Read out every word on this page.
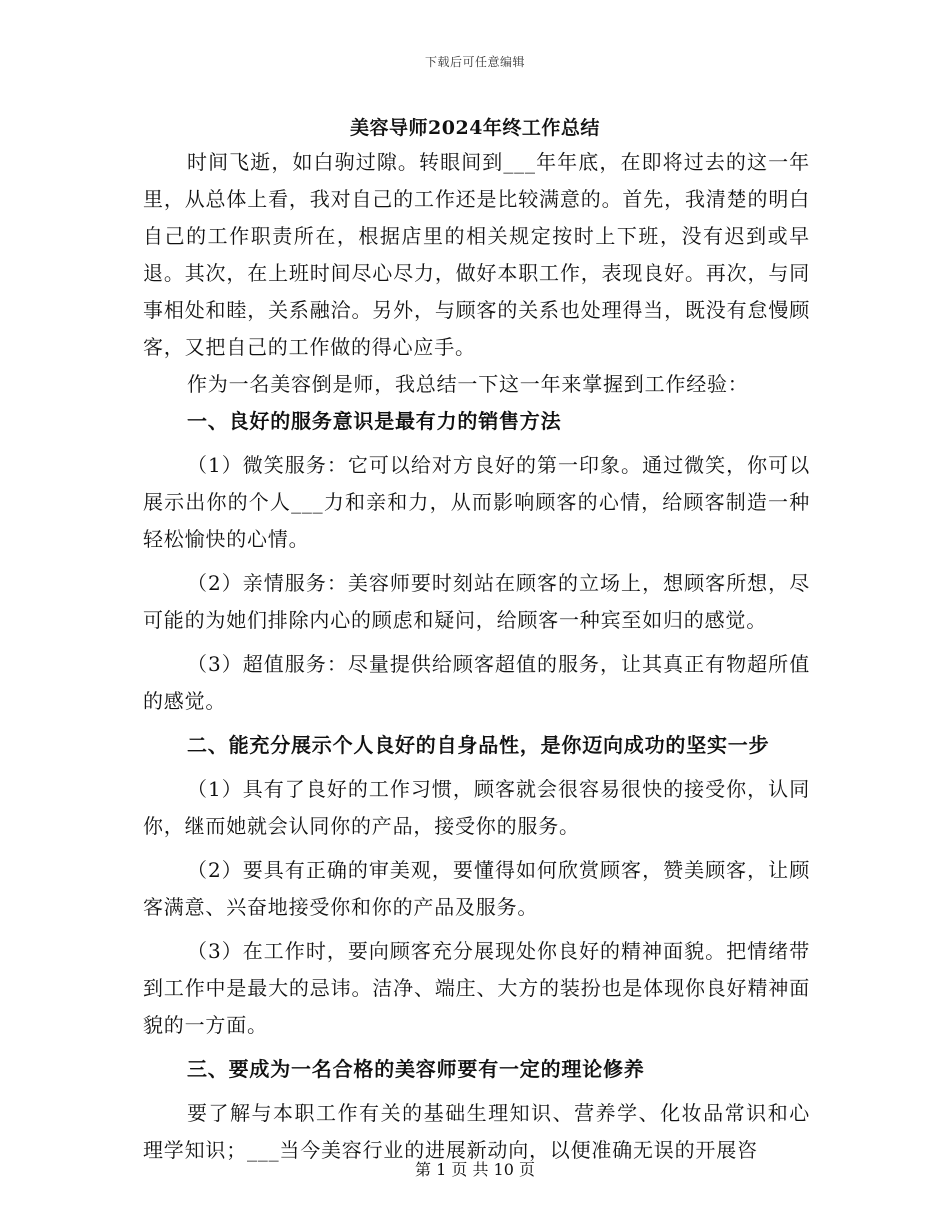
下载后可任意编辑
美容导师2024年终工作总结

时间飞逝，如白驹过隙。转眼间到___年年底，在即将过去的这一年里，从总体上看，我对自己的工作还是比较满意的。首先，我清楚的明白自己的工作职责所在，根据店里的相关规定按时上下班，没有迟到或早退。其次，在上班时间尽心尽力，做好本职工作，表现良好。再次，与同事相处和睦，关系融洽。另外，与顾客的关系也处理得当，既没有怠慢顾客，又把自己的工作做的得心应手。

作为一名美容倒是师，我总结一下这一年来掌握到工作经验：

一、良好的服务意识是最有力的销售方法

（1）微笑服务：它可以给对方良好的第一印象。通过微笑，你可以展示出你的个人___力和亲和力，从而影响顾客的心情，给顾客制造一种轻松愉快的心情。

（2）亲情服务：美容师要时刻站在顾客的立场上，想顾客所想，尽可能的为她们排除内心的顾虑和疑问，给顾客一种宾至如归的感觉。

（3）超值服务：尽量提供给顾客超值的服务，让其真正有物超所值的感觉。

二、能充分展示个人良好的自身品性，是你迈向成功的坚实一步

（1）具有了良好的工作习惯，顾客就会很容易很快的接受你，认同你，继而她就会认同你的产品，接受你的服务。

（2）要具有正确的审美观，要懂得如何欣赏顾客，赞美顾客，让顾客满意、兴奋地接受你和你的产品及服务。

（3）在工作时，要向顾客充分展现处你良好的精神面貌。把情绪带到工作中是最大的忌讳。洁净、端庄、大方的装扮也是体现你良好精神面貌的一方面。

三、要成为一名合格的美容师要有一定的理论修养

要了解与本职工作有关的基础生理知识、营养学、化妆品常识和心理学知识；___当今美容行业的进展新动向，以便准确无误的开展咨

第 1 页 共 10 页
